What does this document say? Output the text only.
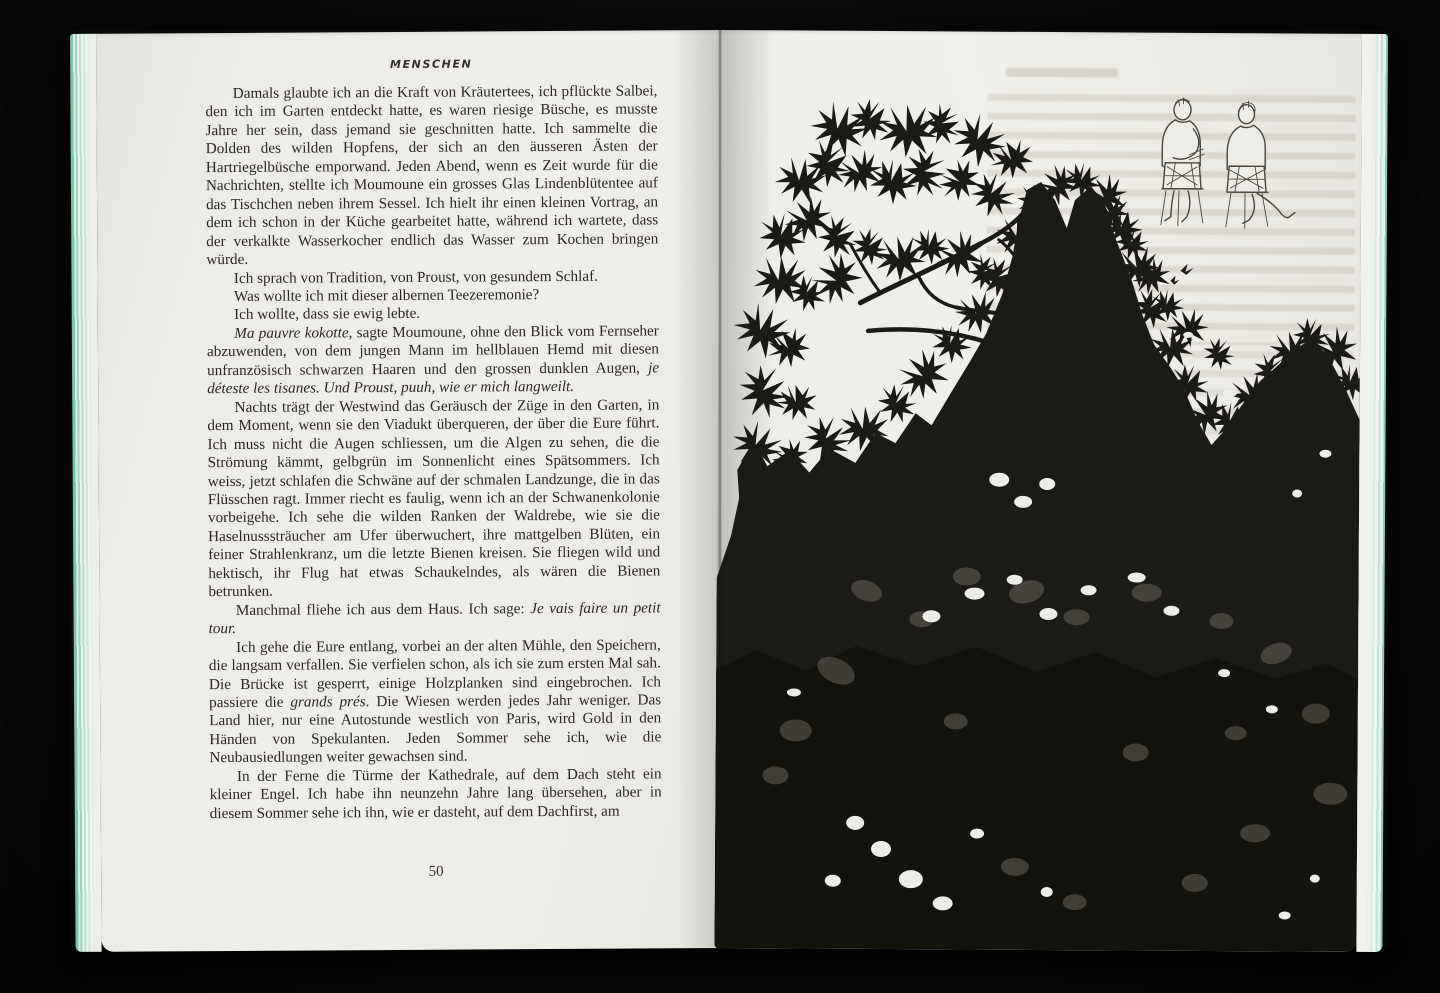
MENSCHEN

Damals glaubte ich an die Kraft von Kräutertees, ich pflückte Salbei, den ich im Garten entdeckt hatte, es waren riesige Büsche, es musste Jahre her sein, dass jemand sie geschnitten hatte. Ich sammelte die Dolden des wilden Hopfens, der sich an den äusseren Ästen der Hartriegelbüsche emporwand. Jeden Abend, wenn es Zeit wurde für die Nachrichten, stellte ich Moumoune ein grosses Glas Lindenblütentee auf das Tischchen neben ihrem Sessel. Ich hielt ihr einen kleinen Vortrag, an dem ich schon in der Küche gearbeitet hatte, während ich wartete, dass der verkalkte Wasserkocher endlich das Wasser zum Kochen bringen würde.

Ich sprach von Tradition, von Proust, von gesundem Schlaf.

Was wollte ich mit dieser albernen Teezeremonie?

Ich wollte, dass sie ewig lebte.

Ma pauvre kokotte, sagte Moumoune, ohne den Blick vom Fernseher abzuwenden, von dem jungen Mann im hellblauen Hemd mit diesen unfranzösisch schwarzen Haaren und den grossen dunklen Augen, je déteste les tisanes. Und Proust, puuh, wie er mich langweilt.

Nachts trägt der Westwind das Geräusch der Züge in den Garten, in dem Moment, wenn sie den Viadukt überqueren, der über die Eure führt. Ich muss nicht die Augen schliessen, um die Algen zu sehen, die die Strömung kämmt, gelbgrün im Sonnenlicht eines Spätsommers. Ich weiss, jetzt schlafen die Schwäne auf der schmalen Landzunge, die in das Flüsschen ragt. Immer riecht es faulig, wenn ich an der Schwanenkolonie vorbeigehe. Ich sehe die wilden Ranken der Waldrebe, wie sie die Haselnusssträucher am Ufer überwuchert, ihre mattgelben Blüten, ein feiner Strahlenkranz, um die letzte Bienen kreisen. Sie fliegen wild und hektisch, ihr Flug hat etwas Schaukelndes, als wären die Bienen betrunken.

Manchmal fliehe ich aus dem Haus. Ich sage: Je vais faire un petit tour.

Ich gehe die Eure entlang, vorbei an der alten Mühle, den Speichern, die langsam verfallen. Sie verfielen schon, als ich sie zum ersten Mal sah. Die Brücke ist gesperrt, einige Holzplanken sind eingebrochen. Ich passiere die grands prés. Die Wiesen werden jedes Jahr weniger. Das Land hier, nur eine Autostunde westlich von Paris, wird Gold in den Händen von Spekulanten. Jeden Sommer sehe ich, wie die Neubausiedlungen weiter gewachsen sind.

In der Ferne die Türme der Kathedrale, auf dem Dach steht ein kleiner Engel. Ich habe ihn neunzehn Jahre lang übersehen, aber in diesem Sommer sehe ich ihn, wie er dasteht, auf dem Dachfirst, am

50
